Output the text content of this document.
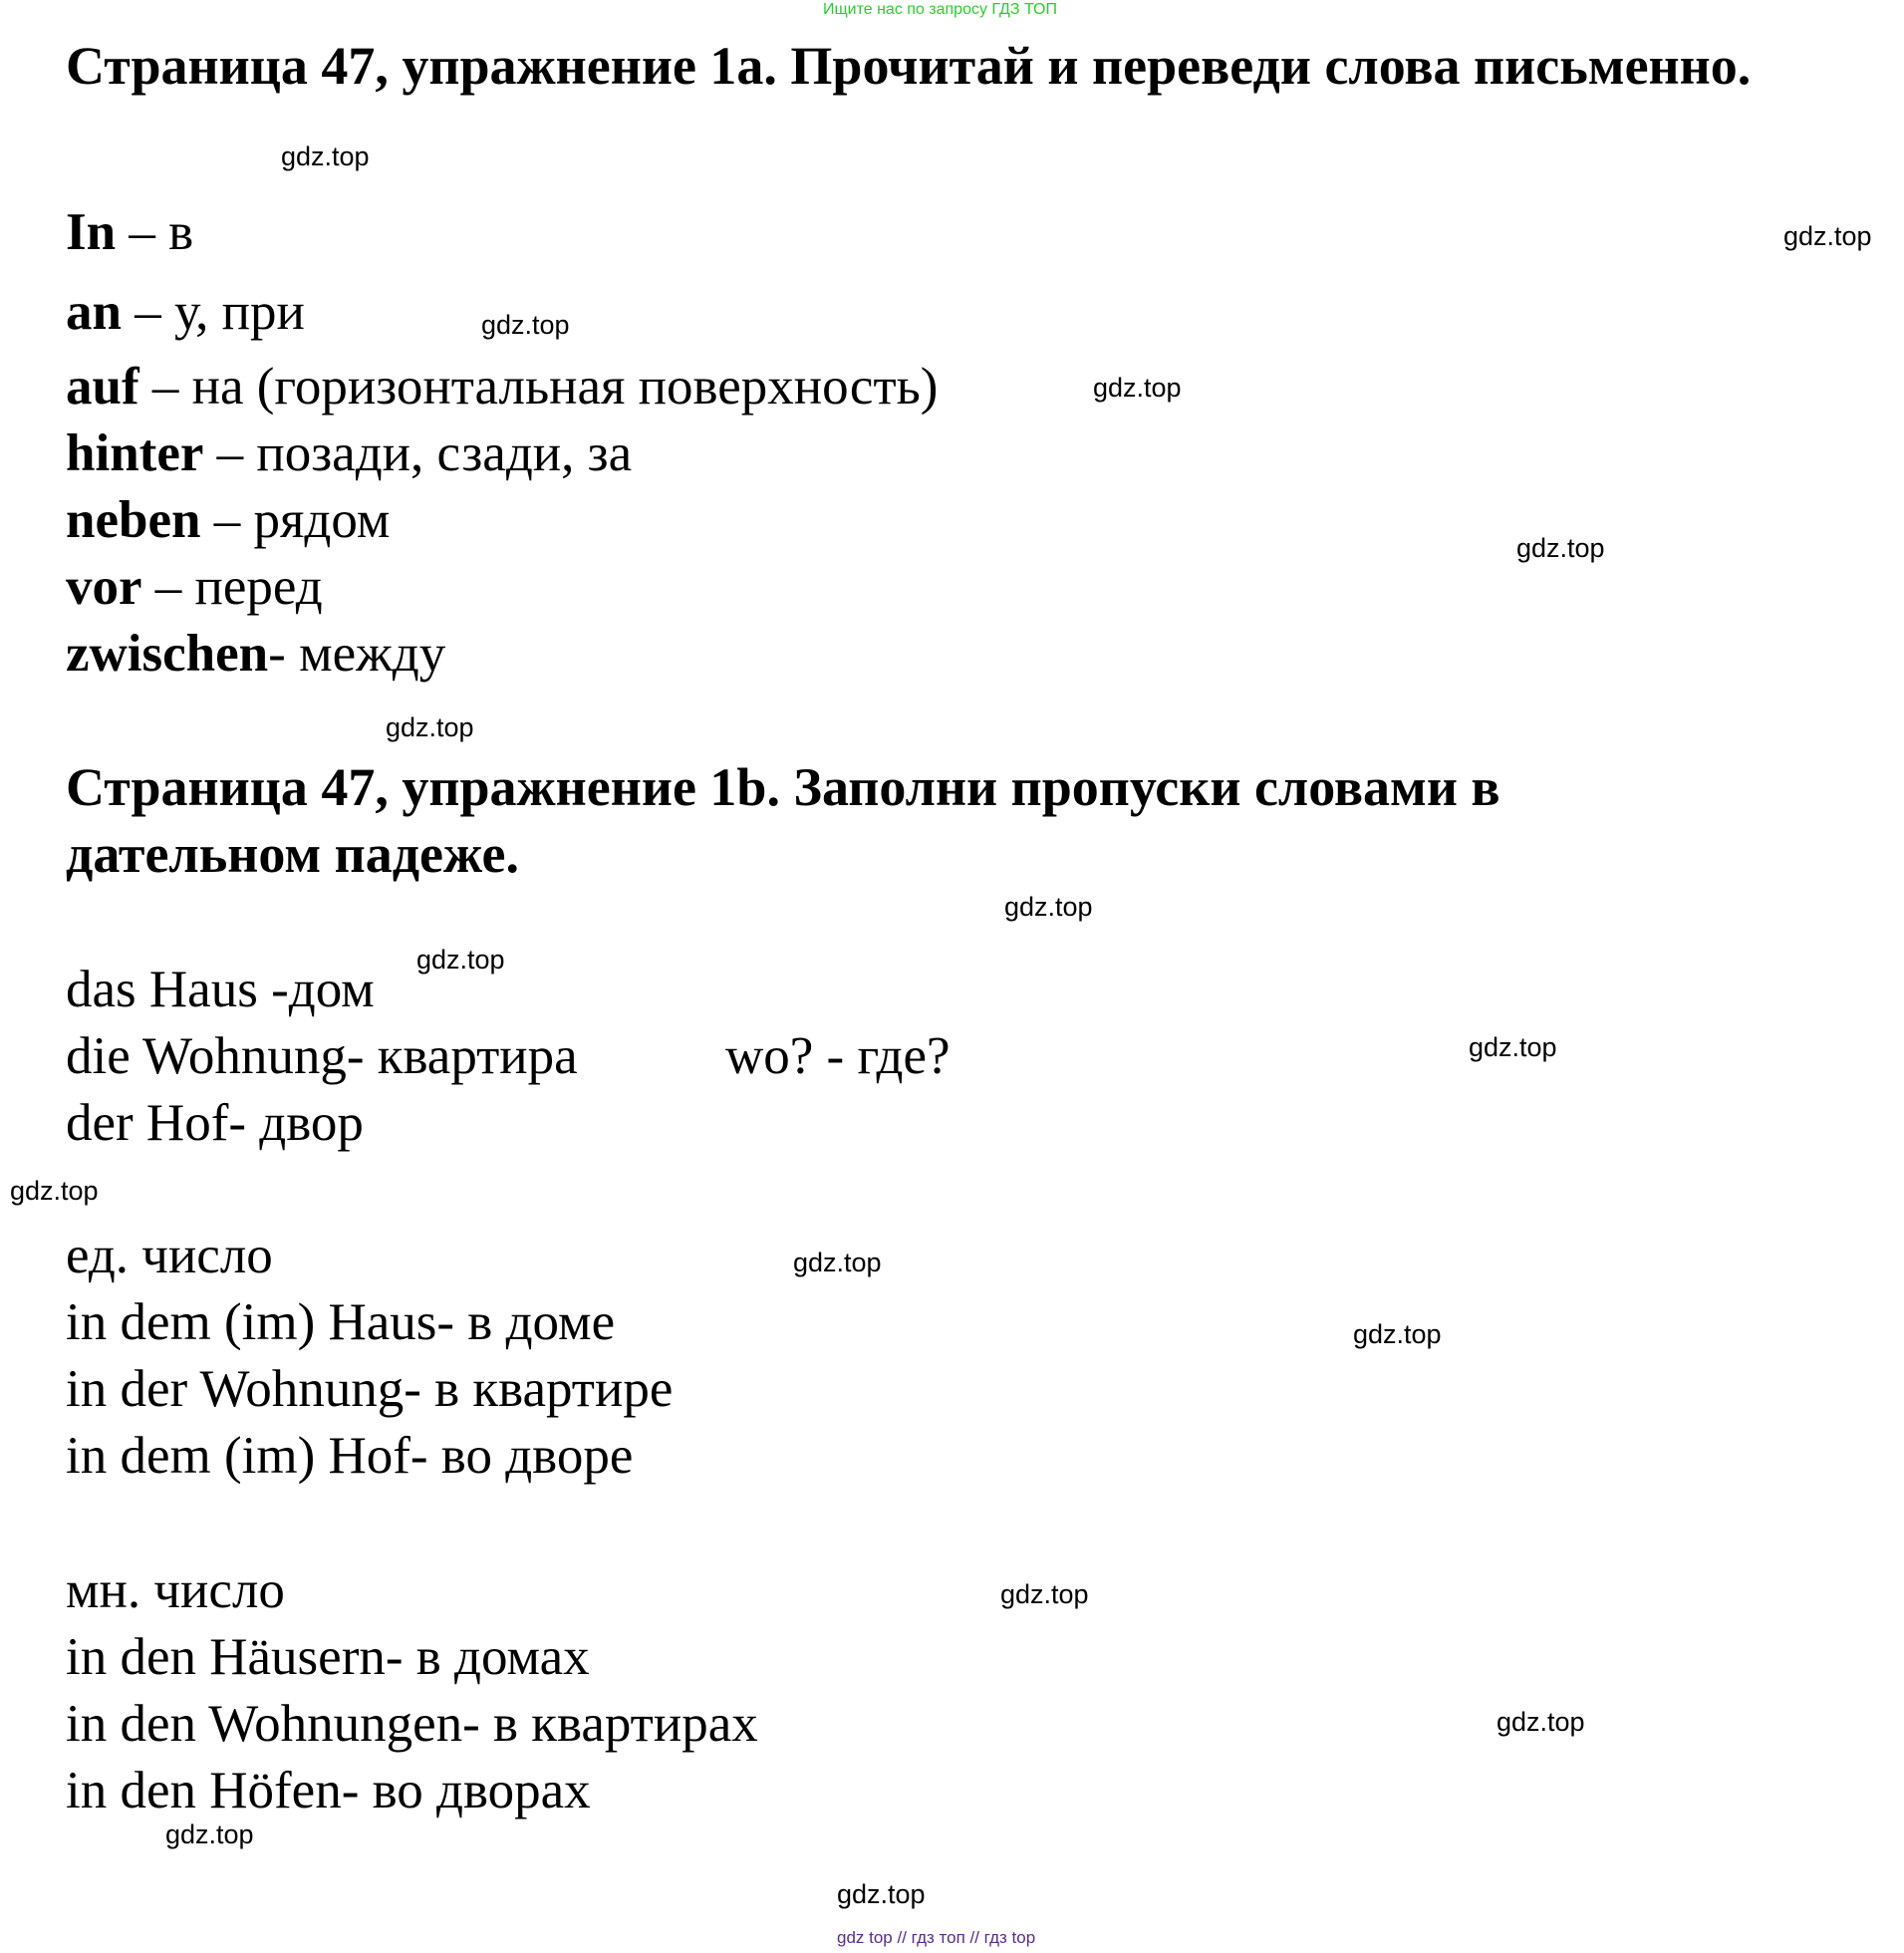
Ищите нас по запросу ГДЗ ТОП
Страница 47, упражнение 1a. Прочитай и переведи слова письменно.
In – в
an – у, при
auf – на (горизонтальная поверхность)
hinter – позади, сзади, за
neben – рядом
vor – перед
zwischen- между
Страница 47, упражнение 1b. Заполни пропуски словами в
дательном падеже.
das Haus -дом
die Wohnung- квартира	wo? - где?
der Hof- двор
ед. число
in dem (im) Haus- в доме
in der Wohnung- в квартире
in dem (im) Hof- во дворе
мн. число
in den Häusern- в домах
in den Wohnungen- в квартирах
in den Höfen- во дворах
gdz.top
gdz.top
gdz.top
gdz.top
gdz.top
gdz.top
gdz.top
gdz.top
gdz.top
gdz.top
gdz.top
gdz.top
gdz.top
gdz.top
gdz.top
gdz.top
gdz top // гдз топ // гдз top
